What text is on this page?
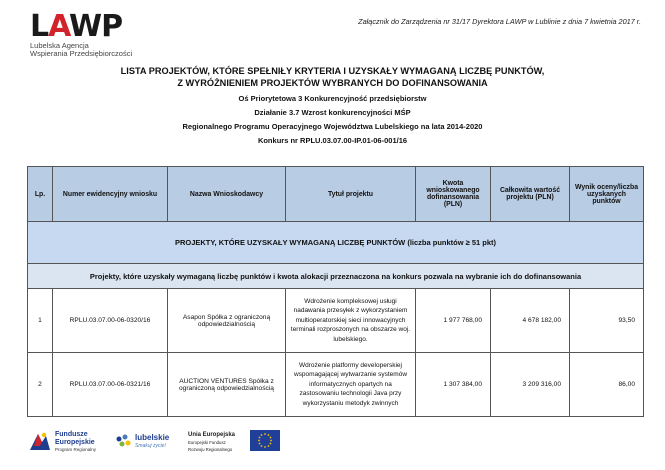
LAWP
Lubelska Agencja
Wspierania Przedsiębiorczości
Załącznik do Zarządzenia nr 31/17 Dyrektora LAWP w Lublinie z dnia 7 kwietnia 2017 r.
LISTA PROJEKTÓW, KTÓRE SPEŁNIŁY KRYTERIA I UZYSKAŁY WYMAGANĄ LICZBĘ PUNKTÓW,
Z WYRÓŻNIENIEM PROJEKTÓW WYBRANYCH DO DOFINANSOWANIA
Oś Priorytetowa 3 Konkurencyjność przedsiębiorstw
Działanie 3.7 Wzrost konkurencyjności MŚP
Regionalnego Programu Operacyjnego Województwa Lubelskiego na lata 2014-2020
Konkurs nr RPLU.03.07.00-IP.01-06-001/16
Lp.	Numer ewidencyjny wniosku	Nazwa Wnioskodawcy	Tytuł projektu	Kwota wnioskowanego dofinansowania (PLN)	Całkowita wartość projektu (PLN)	Wynik oceny/liczba uzyskanych punktów
PROJEKTY, KTÓRE UZYSKAŁY WYMAGANĄ LICZBĘ PUNKTÓW (liczba punktów ≥ 51 pkt)						
Projekty, które uzyskały wymaganą liczbę punktów i kwota alokacji przeznaczona na konkurs pozwala na wybranie ich do dofinansowania						
1	RPLU.03.07.00-06-0320/16	Asapon Spółka z ograniczoną odpowiedzialnością	Wdrożenie kompleksowej usługi nadawania przesyłek z wykorzystaniem multioperatorskiej sieci innowacyjnych terminali rozproszonych na obszarze woj. lubelskiego.	1 977 768,00	4 678 182,00	93,50
2	RPLU.03.07.00-06-0321/16	AUCTION VENTURES Spółka z ograniczoną odpowiedzialnością	Wdrożenie platformy developerskiej wspomagającej wytwarzanie systemów informatycznych opartych na zastosowaniu technologii Java przy wykorzystaniu metodyk zwinnych	1 307 384,00	3 209 316,00	86,00
Fundusze
Europejskie
Program Regionalny
lubelskie
Smakuj życie!
Unia Europejska
Europejski Fundusz
Rozwoju Regionalnego
